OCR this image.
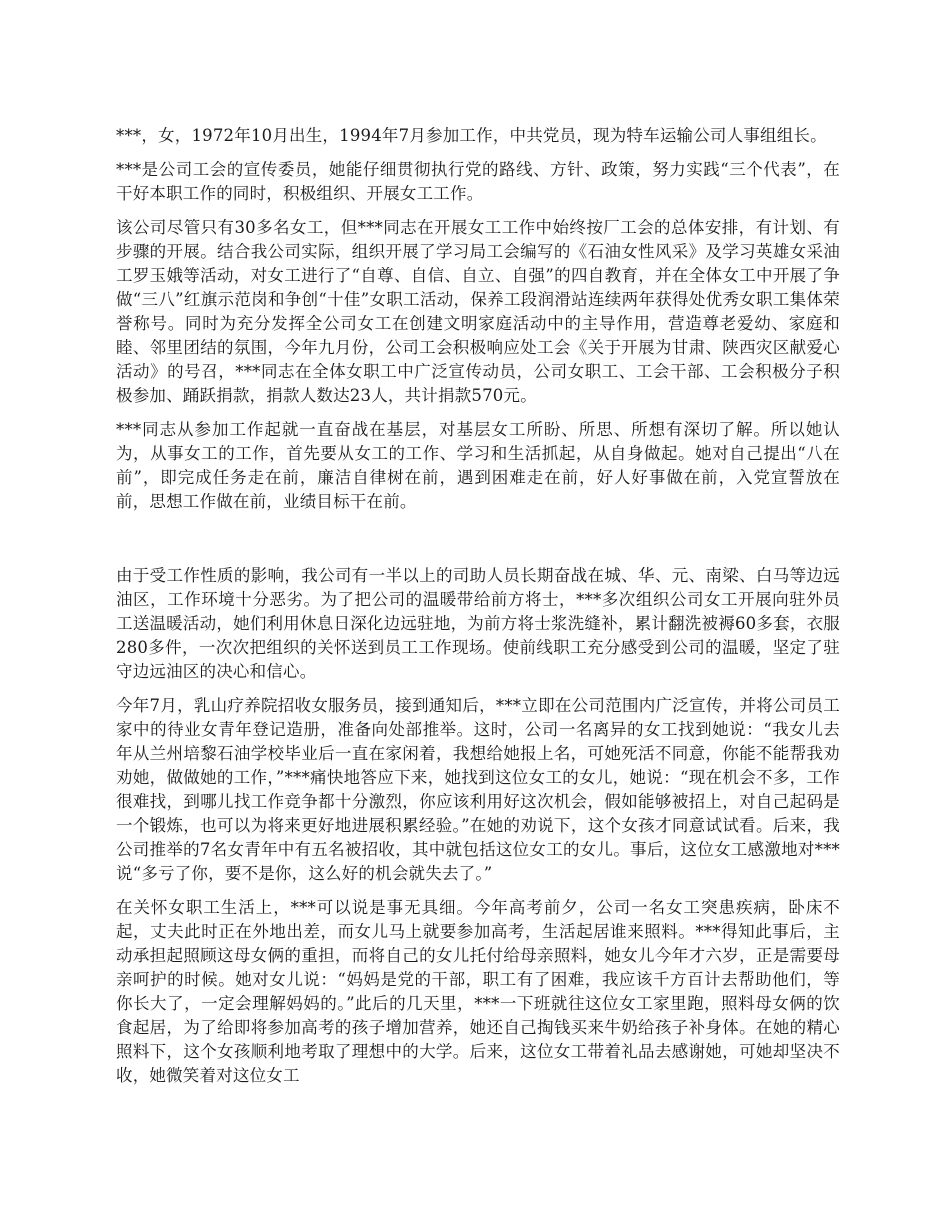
***，女，1972年10月出生，1994年7月参加工作，中共党员，现为特车运输公司人事组组长。

***是公司工会的宣传委员，她能仔细贯彻执行党的路线、方针、政策，努力实践“三个代表”，在干好本职工作的同时，积极组织、开展女工工作。

该公司尽管只有30多名女工，但***同志在开展女工工作中始终按厂工会的总体安排，有计划、有步骤的开展。结合我公司实际，组织开展了学习局工会编写的《石油女性风采》及学习英雄女采油工罗玉娥等活动，对女工进行了“自尊、自信、自立、自强”的四自教育，并在全体女工中开展了争做“三八”红旗示范岗和争创“十佳”女职工活动，保养工段润滑站连续两年获得处优秀女职工集体荣誉称号。同时为充分发挥全公司女工在创建文明家庭活动中的主导作用，营造尊老爱幼、家庭和睦、邻里团结的氛围，今年九月份，公司工会积极响应处工会《关于开展为甘肃、陕西灾区献爱心活动》的号召，***同志在全体女职工中广泛宣传动员，公司女职工、工会干部、工会积极分子积极参加、踊跃捐款，捐款人数达23人，共计捐款570元。

***同志从参加工作起就一直奋战在基层，对基层女工所盼、所思、所想有深切了解。所以她认为，从事女工的工作，首先要从女工的工作、学习和生活抓起，从自身做起。她对自己提出“八在前”，即完成任务走在前，廉洁自律树在前，遇到困难走在前，好人好事做在前，入党宣誓放在前，思想工作做在前，业绩目标干在前。

由于受工作性质的影响，我公司有一半以上的司助人员长期奋战在城、华、元、南梁、白马等边远油区，工作环境十分恶劣。为了把公司的温暖带给前方将士，***多次组织公司女工开展向驻外员工送温暖活动，她们利用休息日深化边远驻地，为前方将士浆洗缝补，累计翻洗被褥60多套，衣服280多件，一次次把组织的关怀送到员工工作现场。使前线职工充分感受到公司的温暖，坚定了驻守边远油区的决心和信心。

今年7月，乳山疗养院招收女服务员，接到通知后，***立即在公司范围内广泛宣传，并将公司员工家中的待业女青年登记造册，准备向处部推举。这时，公司一名离异的女工找到她说：“我女儿去年从兰州培黎石油学校毕业后一直在家闲着，我想给她报上名，可她死活不同意，你能不能帮我劝劝她，做做她的工作，”***痛快地答应下来，她找到这位女工的女儿，她说：“现在机会不多，工作很难找，到哪儿找工作竞争都十分激烈，你应该利用好这次机会，假如能够被招上，对自己起码是一个锻炼，也可以为将来更好地进展积累经验。”在她的劝说下，这个女孩才同意试试看。后来，我公司推举的7名女青年中有五名被招收，其中就包括这位女工的女儿。事后，这位女工感激地对***说“多亏了你，要不是你，这么好的机会就失去了。”

在关怀女职工生活上，***可以说是事无具细。今年高考前夕，公司一名女工突患疾病，卧床不起，丈夫此时正在外地出差，而女儿马上就要参加高考，生活起居谁来照料。***得知此事后，主动承担起照顾这母女俩的重担，而将自己的女儿托付给母亲照料，她女儿今年才六岁，正是需要母亲呵护的时候。她对女儿说：“妈妈是党的干部，职工有了困难，我应该千方百计去帮助他们，等你长大了，一定会理解妈妈的。”此后的几天里，***一下班就往这位女工家里跑，照料母女俩的饮食起居，为了给即将参加高考的孩子增加营养，她还自己掏钱买来牛奶给孩子补身体。在她的精心照料下，这个女孩顺利地考取了理想中的大学。后来，这位女工带着礼品去感谢她，可她却坚决不收，她微笑着对这位女工
